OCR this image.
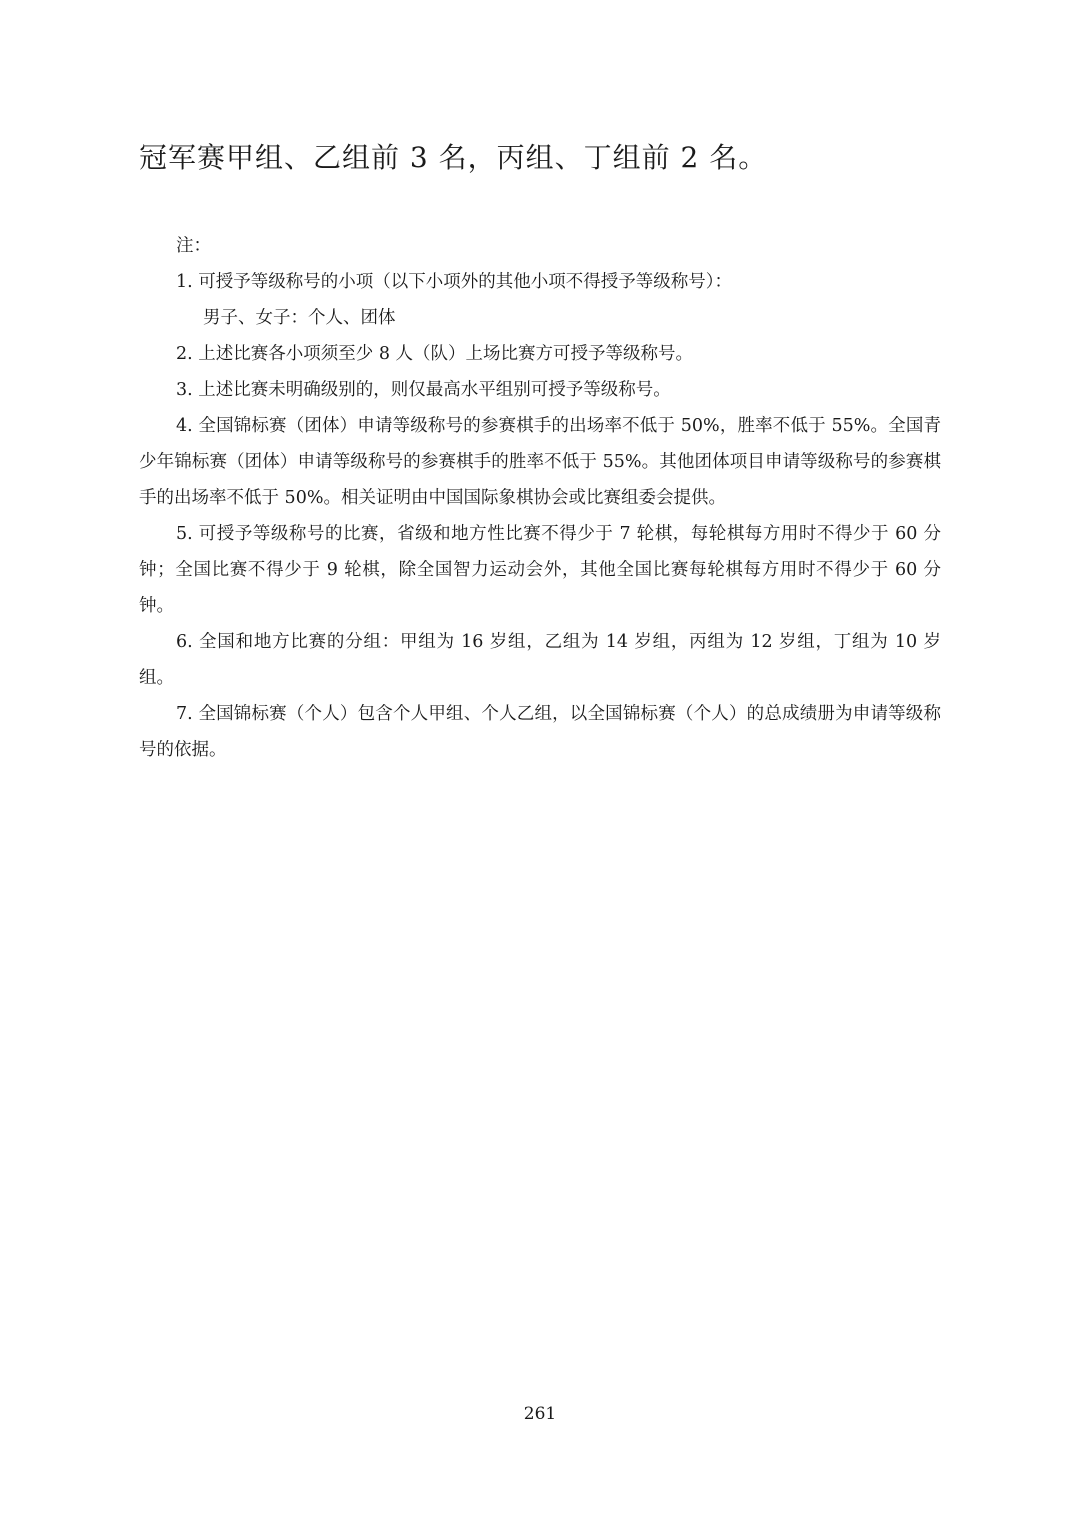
冠军赛甲组、乙组前 3 名，丙组、丁组前 2 名。

注：

1. 可授予等级称号的小项（以下小项外的其他小项不得授予等级称号）：

男子、女子：个人、团体

2. 上述比赛各小项须至少 8 人（队）上场比赛方可授予等级称号。

3. 上述比赛未明确级别的，则仅最高水平组别可授予等级称号。

4. 全国锦标赛（团体）申请等级称号的参赛棋手的出场率不低于 50%，胜率不低于 55%。全国青少年锦标赛（团体）申请等级称号的参赛棋手的胜率不低于 55%。其他团体项目申请等级称号的参赛棋手的出场率不低于 50%。相关证明由中国国际象棋协会或比赛组委会提供。

5. 可授予等级称号的比赛，省级和地方性比赛不得少于 7 轮棋，每轮棋每方用时不得少于 60 分钟；全国比赛不得少于 9 轮棋，除全国智力运动会外，其他全国比赛每轮棋每方用时不得少于 60 分钟。

6. 全国和地方比赛的分组：甲组为 16 岁组，乙组为 14 岁组，丙组为 12 岁组，丁组为 10 岁组。

7. 全国锦标赛（个人）包含个人甲组、个人乙组，以全国锦标赛（个人）的总成绩册为申请等级称号的依据。

261
